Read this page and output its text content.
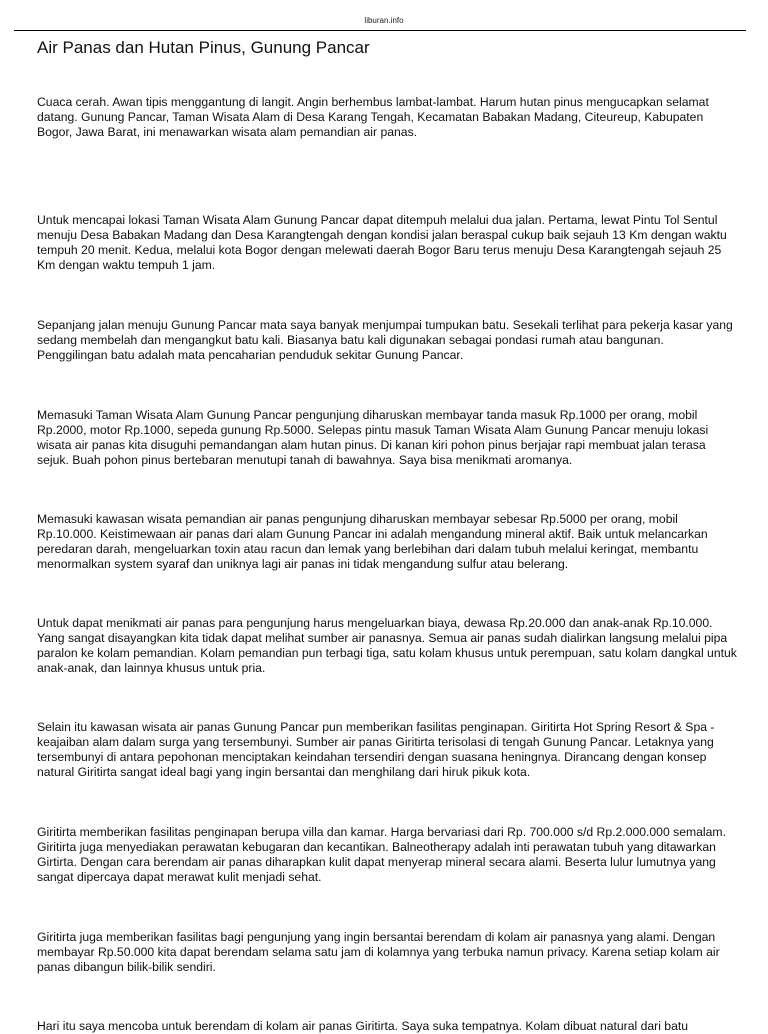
liburan.info
Air Panas dan Hutan Pinus, Gunung Pancar

Cuaca cerah. Awan tipis menggantung di langit. Angin berhembus lambat-lambat. Harum hutan pinus mengucapkan selamat datang. Gunung Pancar, Taman Wisata Alam di Desa Karang Tengah, Kecamatan Babakan Madang, Citeureup, Kabupaten Bogor, Jawa Barat, ini menawarkan wisata alam pemandian air panas.

Untuk mencapai lokasi Taman Wisata Alam Gunung Pancar dapat ditempuh melalui dua jalan. Pertama, lewat Pintu Tol Sentul menuju Desa Babakan Madang dan Desa Karangtengah dengan kondisi jalan beraspal cukup baik sejauh 13 Km dengan waktu tempuh 20 menit. Kedua, melalui kota Bogor dengan melewati daerah Bogor Baru terus menuju Desa Karangtengah sejauh 25 Km dengan waktu tempuh 1 jam.

Sepanjang jalan menuju Gunung Pancar mata saya banyak menjumpai tumpukan batu. Sesekali terlihat para pekerja kasar yang sedang membelah dan mengangkut batu kali. Biasanya batu kali digunakan sebagai pondasi rumah atau bangunan. Penggilingan batu adalah mata pencaharian penduduk sekitar Gunung Pancar.

Memasuki Taman Wisata Alam Gunung Pancar pengunjung diharuskan membayar tanda masuk Rp.1000 per orang, mobil Rp.2000, motor Rp.1000, sepeda gunung Rp.5000. Selepas pintu masuk Taman Wisata Alam Gunung Pancar menuju lokasi wisata air panas kita disuguhi pemandangan alam hutan pinus. Di kanan kiri pohon pinus berjajar rapi membuat jalan terasa sejuk. Buah pohon pinus bertebaran menutupi tanah di bawahnya. Saya bisa menikmati aromanya.

Memasuki kawasan wisata pemandian air panas pengunjung diharuskan membayar sebesar Rp.5000 per orang, mobil Rp.10.000. Keistimewaan air panas dari alam Gunung Pancar ini adalah mengandung mineral aktif. Baik untuk melancarkan peredaran darah, mengeluarkan toxin atau racun dan lemak yang berlebihan dari dalam tubuh melalui keringat, membantu menormalkan system syaraf dan uniknya lagi air panas ini tidak mengandung sulfur atau belerang.

Untuk dapat menikmati air panas para pengunjung harus mengeluarkan biaya, dewasa Rp.20.000 dan anak-anak Rp.10.000. Yang sangat disayangkan kita tidak dapat melihat sumber air panasnya. Semua air panas sudah dialirkan langsung melalui pipa paralon ke kolam pemandian. Kolam pemandian pun terbagi tiga, satu kolam khusus untuk perempuan, satu kolam dangkal untuk anak-anak, dan lainnya khusus untuk pria.

Selain itu kawasan wisata air panas Gunung Pancar pun memberikan fasilitas penginapan. Giritirta Hot Spring Resort & Spa -keajaiban alam dalam surga yang tersembunyi. Sumber air panas Giritirta terisolasi di tengah Gunung Pancar. Letaknya yang tersembunyi di antara pepohonan menciptakan keindahan tersendiri dengan suasana heningnya. Dirancang dengan konsep natural Giritirta sangat ideal bagi yang ingin bersantai dan menghilang dari hiruk pikuk kota.

Giritirta memberikan fasilitas penginapan berupa villa dan kamar. Harga bervariasi dari Rp. 700.000 s/d Rp.2.000.000 semalam. Giritirta juga menyediakan perawatan kebugaran dan kecantikan. Balneotherapy adalah inti perawatan tubuh yang ditawarkan Girtirta. Dengan cara berendam air panas diharapkan kulit dapat menyerap mineral secara alami. Beserta lulur lumutnya yang sangat dipercaya dapat merawat kulit menjadi sehat.

Giritirta juga memberikan fasilitas bagi pengunjung yang ingin bersantai berendam di kolam air panasnya yang alami. Dengan membayar Rp.50.000 kita dapat berendam selama satu jam di kolamnya yang terbuka namun privacy. Karena setiap kolam air panas dibangun bilik-bilik sendiri.

Hari itu saya mencoba untuk berendam di kolam air panas Giritirta. Saya suka tempatnya. Kolam dibuat natural dari batu
